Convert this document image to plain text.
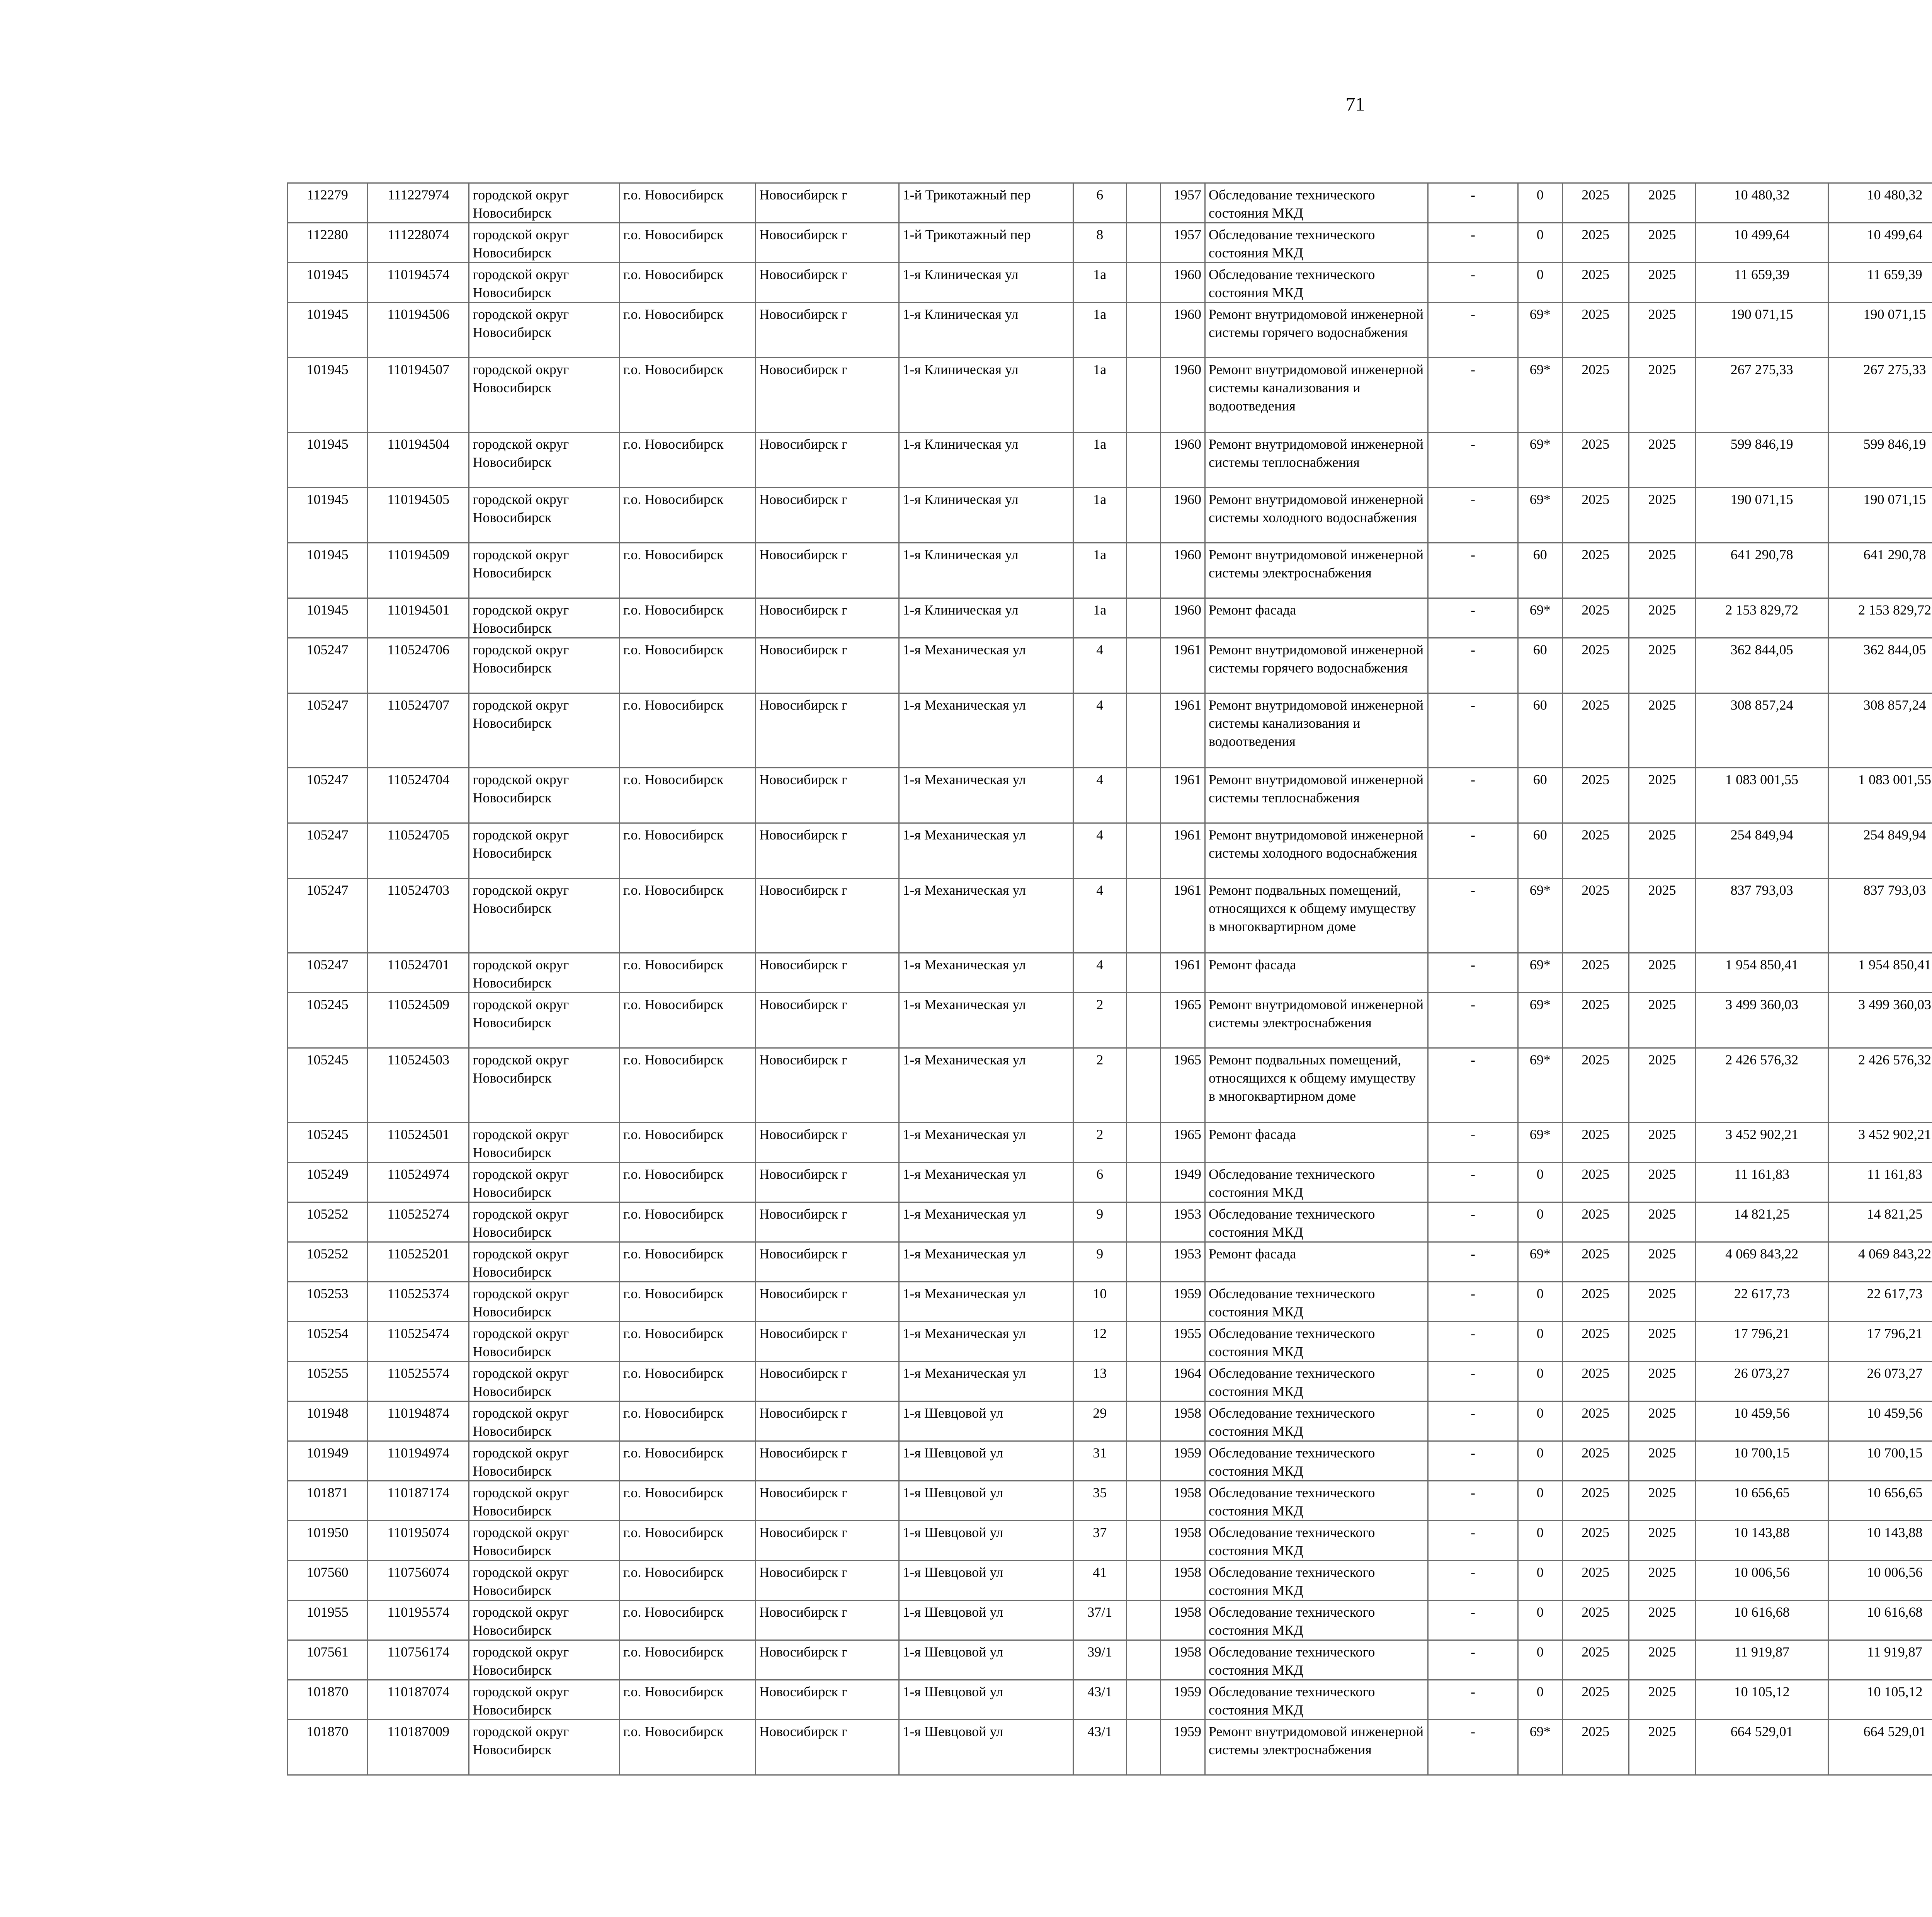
71
112279	111227974	городской округ Новосибирск	г.о. Новосибирск	Новосибирск г	1-й Трикотажный пер	6		1957	Обследование технического состояния МКД	-	0	2025	2025	10 480,32	10 480,32						
112280	111228074	городской округ Новосибирск	г.о. Новосибирск	Новосибирск г	1-й Трикотажный пер	8		1957	Обследование технического состояния МКД	-	0	2025	2025	10 499,64	10 499,64						
101945	110194574	городской округ Новосибирск	г.о. Новосибирск	Новосибирск г	1-я Клиническая ул	1а		1960	Обследование технического состояния МКД	-	0	2025	2025	11 659,39	11 659,39						
101945	110194506	городской округ Новосибирск	г.о. Новосибирск	Новосибирск г	1-я Клиническая ул	1а		1960	Ремонт внутридомовой инженерной системы горячего водоснабжения	-	69*	2025	2025	190 071,15	190 071,15						
101945	110194507	городской округ Новосибирск	г.о. Новосибирск	Новосибирск г	1-я Клиническая ул	1а		1960	Ремонт внутридомовой инженерной системы канализования и водоотведения	-	69*	2025	2025	267 275,33	267 275,33						
101945	110194504	городской округ Новосибирск	г.о. Новосибирск	Новосибирск г	1-я Клиническая ул	1а		1960	Ремонт внутридомовой инженерной системы теплоснабжения	-	69*	2025	2025	599 846,19	599 846,19						
101945	110194505	городской округ Новосибирск	г.о. Новосибирск	Новосибирск г	1-я Клиническая ул	1а		1960	Ремонт внутридомовой инженерной системы холодного водоснабжения	-	69*	2025	2025	190 071,15	190 071,15						
101945	110194509	городской округ Новосибирск	г.о. Новосибирск	Новосибирск г	1-я Клиническая ул	1а		1960	Ремонт внутридомовой инженерной системы электроснабжения	-	60	2025	2025	641 290,78	641 290,78						
101945	110194501	городской округ Новосибирск	г.о. Новосибирск	Новосибирск г	1-я Клиническая ул	1а		1960	Ремонт фасада	-	69*	2025	2025	2 153 829,72	2 153 829,72						
105247	110524706	городской округ Новосибирск	г.о. Новосибирск	Новосибирск г	1-я Механическая ул	4		1961	Ремонт внутридомовой инженерной системы горячего водоснабжения	-	60	2025	2025	362 844,05	362 844,05						
105247	110524707	городской округ Новосибирск	г.о. Новосибирск	Новосибирск г	1-я Механическая ул	4		1961	Ремонт внутридомовой инженерной системы канализования и водоотведения	-	60	2025	2025	308 857,24	308 857,24						
105247	110524704	городской округ Новосибирск	г.о. Новосибирск	Новосибирск г	1-я Механическая ул	4		1961	Ремонт внутридомовой инженерной системы теплоснабжения	-	60	2025	2025	1 083 001,55	1 083 001,55						
105247	110524705	городской округ Новосибирск	г.о. Новосибирск	Новосибирск г	1-я Механическая ул	4		1961	Ремонт внутридомовой инженерной системы холодного водоснабжения	-	60	2025	2025	254 849,94	254 849,94						
105247	110524703	городской округ Новосибирск	г.о. Новосибирск	Новосибирск г	1-я Механическая ул	4		1961	Ремонт подвальных помещений, относящихся к общему имуществу в многоквартирном доме	-	69*	2025	2025	837 793,03	837 793,03						
105247	110524701	городской округ Новосибирск	г.о. Новосибирск	Новосибирск г	1-я Механическая ул	4		1961	Ремонт фасада	-	69*	2025	2025	1 954 850,41	1 954 850,41						
105245	110524509	городской округ Новосибирск	г.о. Новосибирск	Новосибирск г	1-я Механическая ул	2		1965	Ремонт внутридомовой инженерной системы электроснабжения	-	69*	2025	2025	3 499 360,03	3 499 360,03						
105245	110524503	городской округ Новосибирск	г.о. Новосибирск	Новосибирск г	1-я Механическая ул	2		1965	Ремонт подвальных помещений, относящихся к общему имуществу в многоквартирном доме	-	69*	2025	2025	2 426 576,32	2 426 576,32						
105245	110524501	городской округ Новосибирск	г.о. Новосибирск	Новосибирск г	1-я Механическая ул	2		1965	Ремонт фасада	-	69*	2025	2025	3 452 902,21	3 452 902,21						
105249	110524974	городской округ Новосибирск	г.о. Новосибирск	Новосибирск г	1-я Механическая ул	6		1949	Обследование технического состояния МКД	-	0	2025	2025	11 161,83	11 161,83						
105252	110525274	городской округ Новосибирск	г.о. Новосибирск	Новосибирск г	1-я Механическая ул	9		1953	Обследование технического состояния МКД	-	0	2025	2025	14 821,25	14 821,25						
105252	110525201	городской округ Новосибирск	г.о. Новосибирск	Новосибирск г	1-я Механическая ул	9		1953	Ремонт фасада	-	69*	2025	2025	4 069 843,22	4 069 843,22						
105253	110525374	городской округ Новосибирск	г.о. Новосибирск	Новосибирск г	1-я Механическая ул	10		1959	Обследование технического состояния МКД	-	0	2025	2025	22 617,73	22 617,73						
105254	110525474	городской округ Новосибирск	г.о. Новосибирск	Новосибирск г	1-я Механическая ул	12		1955	Обследование технического состояния МКД	-	0	2025	2025	17 796,21	17 796,21						
105255	110525574	городской округ Новосибирск	г.о. Новосибирск	Новосибирск г	1-я Механическая ул	13		1964	Обследование технического состояния МКД	-	0	2025	2025	26 073,27	26 073,27						
101948	110194874	городской округ Новосибирск	г.о. Новосибирск	Новосибирск г	1-я Шевцовой ул	29		1958	Обследование технического состояния МКД	-	0	2025	2025	10 459,56	10 459,56						
101949	110194974	городской округ Новосибирск	г.о. Новосибирск	Новосибирск г	1-я Шевцовой ул	31		1959	Обследование технического состояния МКД	-	0	2025	2025	10 700,15	10 700,15						
101871	110187174	городской округ Новосибирск	г.о. Новосибирск	Новосибирск г	1-я Шевцовой ул	35		1958	Обследование технического состояния МКД	-	0	2025	2025	10 656,65	10 656,65						
101950	110195074	городской округ Новосибирск	г.о. Новосибирск	Новосибирск г	1-я Шевцовой ул	37		1958	Обследование технического состояния МКД	-	0	2025	2025	10 143,88	10 143,88						
107560	110756074	городской округ Новосибирск	г.о. Новосибирск	Новосибирск г	1-я Шевцовой ул	41		1958	Обследование технического состояния МКД	-	0	2025	2025	10 006,56	10 006,56						
101955	110195574	городской округ Новосибирск	г.о. Новосибирск	Новосибирск г	1-я Шевцовой ул	37/1		1958	Обследование технического состояния МКД	-	0	2025	2025	10 616,68	10 616,68						
107561	110756174	городской округ Новосибирск	г.о. Новосибирск	Новосибирск г	1-я Шевцовой ул	39/1		1958	Обследование технического состояния МКД	-	0	2025	2025	11 919,87	11 919,87						
101870	110187074	городской округ Новосибирск	г.о. Новосибирск	Новосибирск г	1-я Шевцовой ул	43/1		1959	Обследование технического состояния МКД	-	0	2025	2025	10 105,12	10 105,12						
101870	110187009	городской округ Новосибирск	г.о. Новосибирск	Новосибирск г	1-я Шевцовой ул	43/1		1959	Ремонт внутридомовой инженерной системы электроснабжения	-	69*	2025	2025	664 529,01	664 529,01						
